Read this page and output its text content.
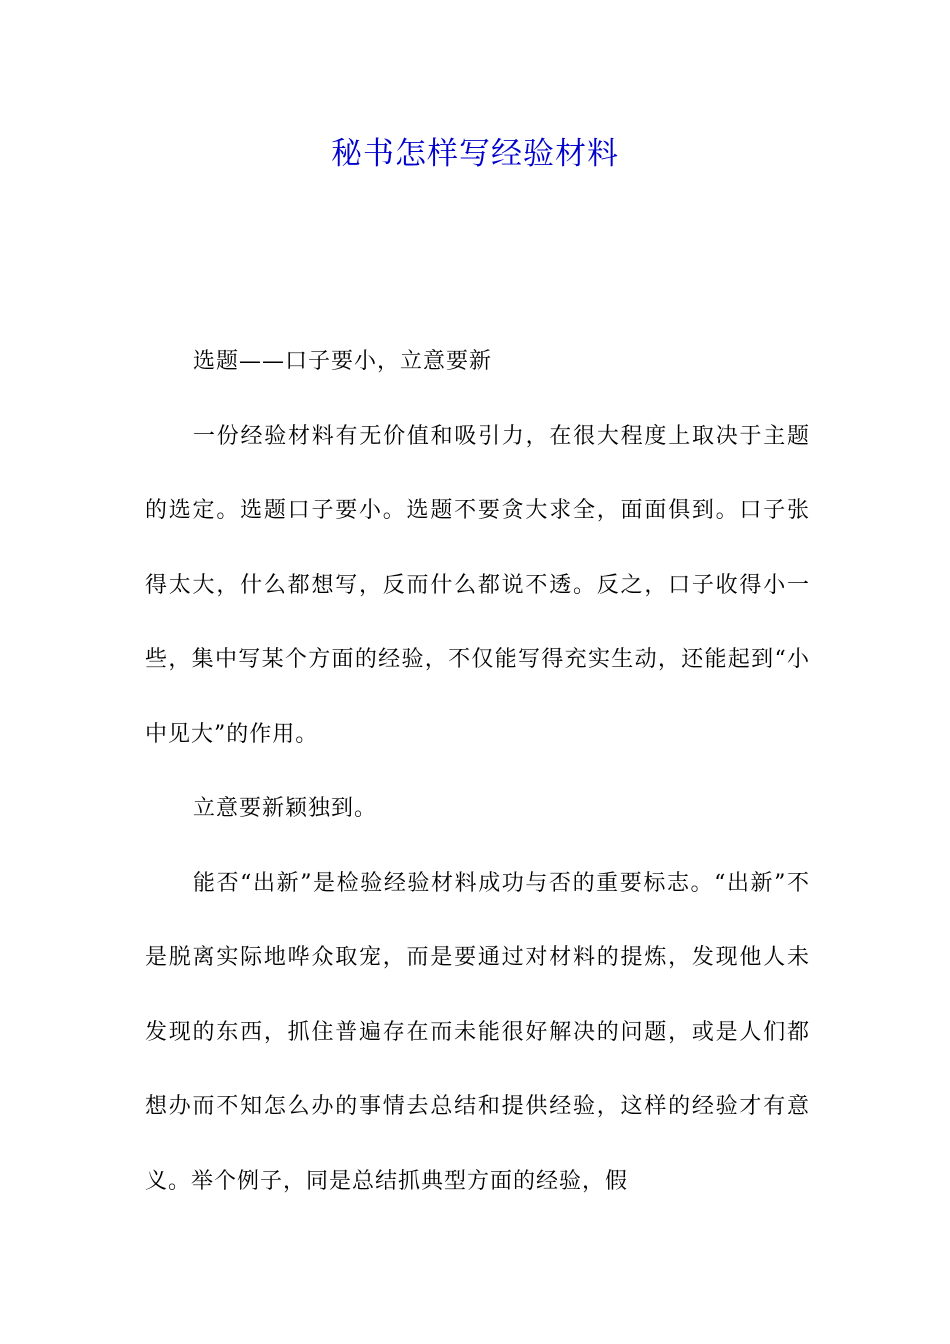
秘书怎样写经验材料

选题——口子要小，立意要新

一份经验材料有无价值和吸引力，在很大程度上取决于主题的选定。选题口子要小。选题不要贪大求全，面面俱到。口子张得太大，什么都想写，反而什么都说不透。反之，口子收得小一些，集中写某个方面的经验，不仅能写得充实生动，还能起到“小中见大”的作用。

立意要新颖独到。

能否“出新”是检验经验材料成功与否的重要标志。“出新”不是脱离实际地哗众取宠，而是要通过对材料的提炼，发现他人未发现的东西，抓住普遍存在而未能很好解决的问题，或是人们都想办而不知怎么办的事情去总结和提供经验，这样的经验才有意义。举个例子，同是总结抓典型方面的经验，假
